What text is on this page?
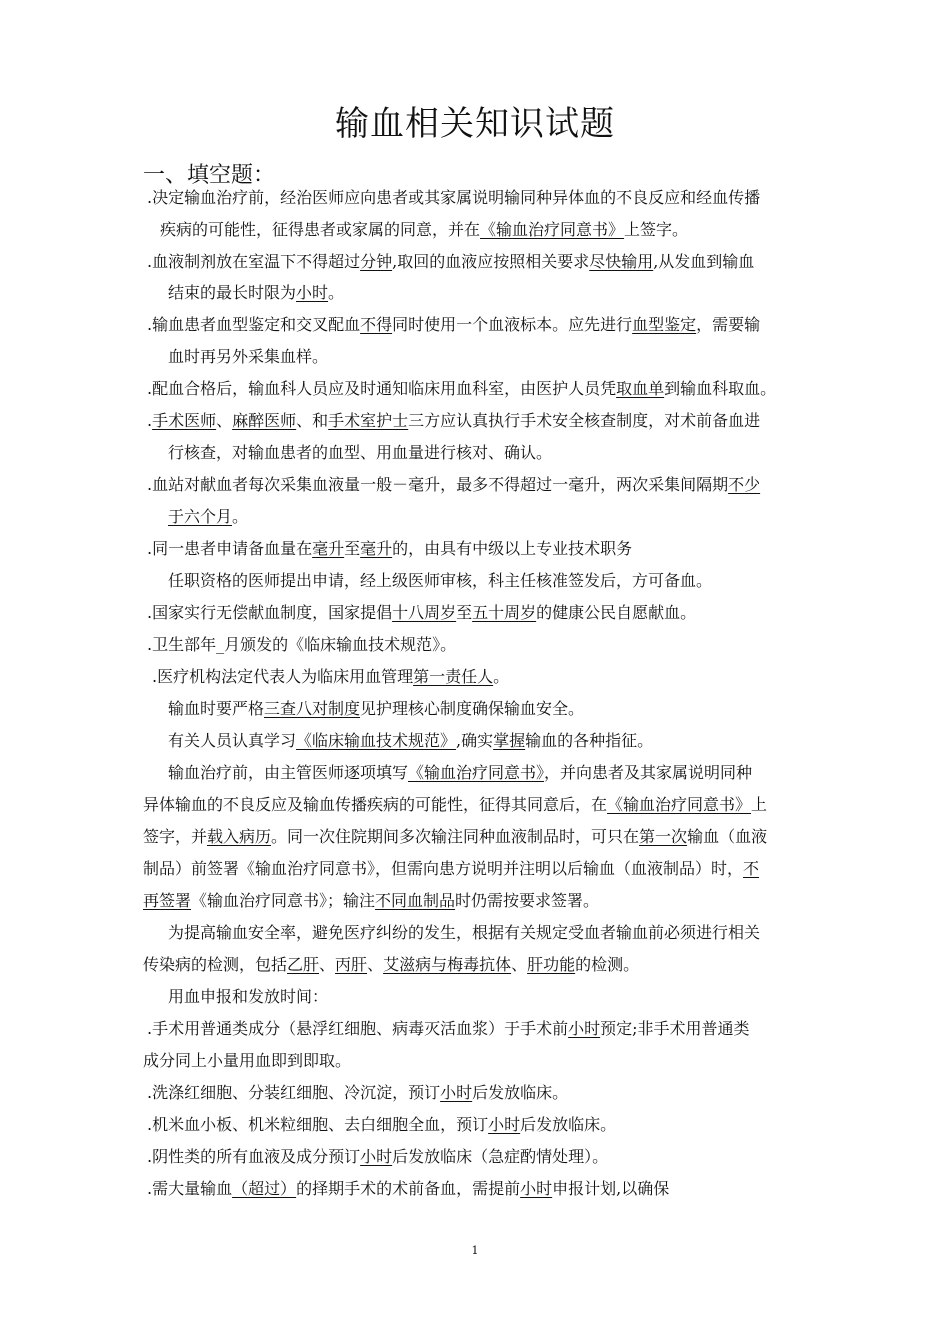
输血相关知识试题
一、填空题：
.决定输血治疗前，经治医师应向患者或其家属说明输同种异体血的不良反应和经血传播
疾病的可能性，征得患者或家属的同意，并在《输血治疗同意书》上签字。
.血液制剂放在室温下不得超过分钟,取回的血液应按照相关要求尽快输用,从发血到输血
结束的最长时限为小时。
.输血患者血型鉴定和交叉配血不得同时使用一个血液标本。应先进行血型鉴定，需要输
血时再另外采集血样。
.配血合格后，输血科人员应及时通知临床用血科室，由医护人员凭取血单到输血科取血。
.手术医师、麻醉医师、和手术室护士三方应认真执行手术安全核查制度，对术前备血进
行核查，对输血患者的血型、用血量进行核对、确认。
.血站对献血者每次采集血液量一般－毫升，最多不得超过一毫升，两次采集间隔期不少
于六个月。
.同一患者申请备血量在毫升至毫升的，由具有中级以上专业技术职务
任职资格的医师提出申请，经上级医师审核，科主任核准签发后，方可备血。
.国家实行无偿献血制度，国家提倡十八周岁至五十周岁的健康公民自愿献血。
.卫生部年_月颁发的《临床输血技术规范》。
.医疗机构法定代表人为临床用血管理第一责任人。
输血时要严格三查八对制度见护理核心制度确保输血安全。
有关人员认真学习《临床输血技术规范》,确实掌握输血的各种指征。
输血治疗前，由主管医师逐项填写《输血治疗同意书》，并向患者及其家属说明同种
异体输血的不良反应及输血传播疾病的可能性，征得其同意后，在《输血治疗同意书》上
签字，并载入病历。同一次住院期间多次输注同种血液制品时，可只在第一次输血（血液
制品）前签署《输血治疗同意书》，但需向患方说明并注明以后输血（血液制品）时，不
再签署《输血治疗同意书》；输注不同血制品时仍需按要求签署。
为提高输血安全率，避免医疗纠纷的发生，根据有关规定受血者输血前必须进行相关
传染病的检测，包括乙肝、丙肝、艾滋病与梅毒抗体、肝功能的检测。
用血申报和发放时间：
.手术用普通类成分（悬浮红细胞、病毒灭活血浆）于手术前小时预定;非手术用普通类
成分同上小量用血即到即取。
.洗涤红细胞、分装红细胞、冷沉淀，预订小时后发放临床。
.机米血小板、机米粒细胞、去白细胞全血，预订小时后发放临床。
.阴性类的所有血液及成分预订小时后发放临床（急症酌情处理）。
.需大量输血（超过）的择期手术的术前备血，需提前小时申报计划,以确保
1
